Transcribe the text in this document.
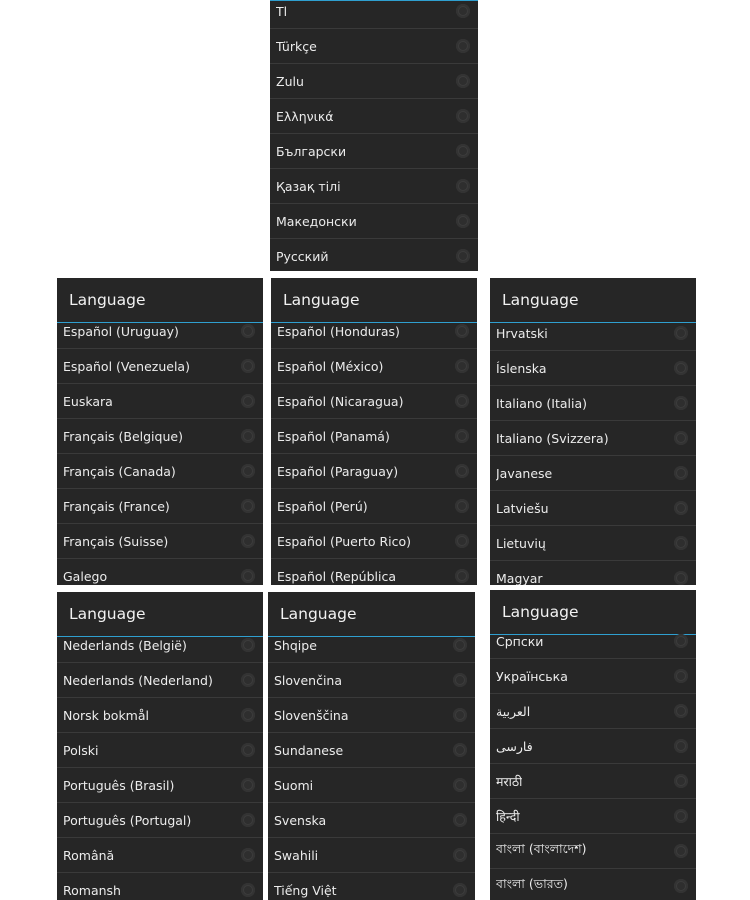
Tl
Türkçe
Zulu
Ελληνικά
Български
Қазақ тілі
Македонски
Русский
Language
Español (Uruguay)
Español (Venezuela)
Euskara
Français (Belgique)
Français (Canada)
Français (France)
Français (Suisse)
Galego
Language
Español (Honduras)
Español (México)
Español (Nicaragua)
Español (Panamá)
Español (Paraguay)
Español (Perú)
Español (Puerto Rico)
Español (República
Language
Hrvatski
Íslenska
Italiano (Italia)
Italiano (Svizzera)
Javanese
Latviešu
Lietuvių
Magyar
Language
Nederlands (België)
Nederlands (Nederland)
Norsk bokmål
Polski
Português (Brasil)
Português (Portugal)
Română
Romansh
Language
Shqipe
Slovenčina
Slovenščina
Sundanese
Suomi
Svenska
Swahili
Tiếng Việt
Language
Српски
Українська
العربية
فارسی
मराठी
हिन्दी
বাংলা (বাংলাদেশ)
বাংলা (ভারত)
